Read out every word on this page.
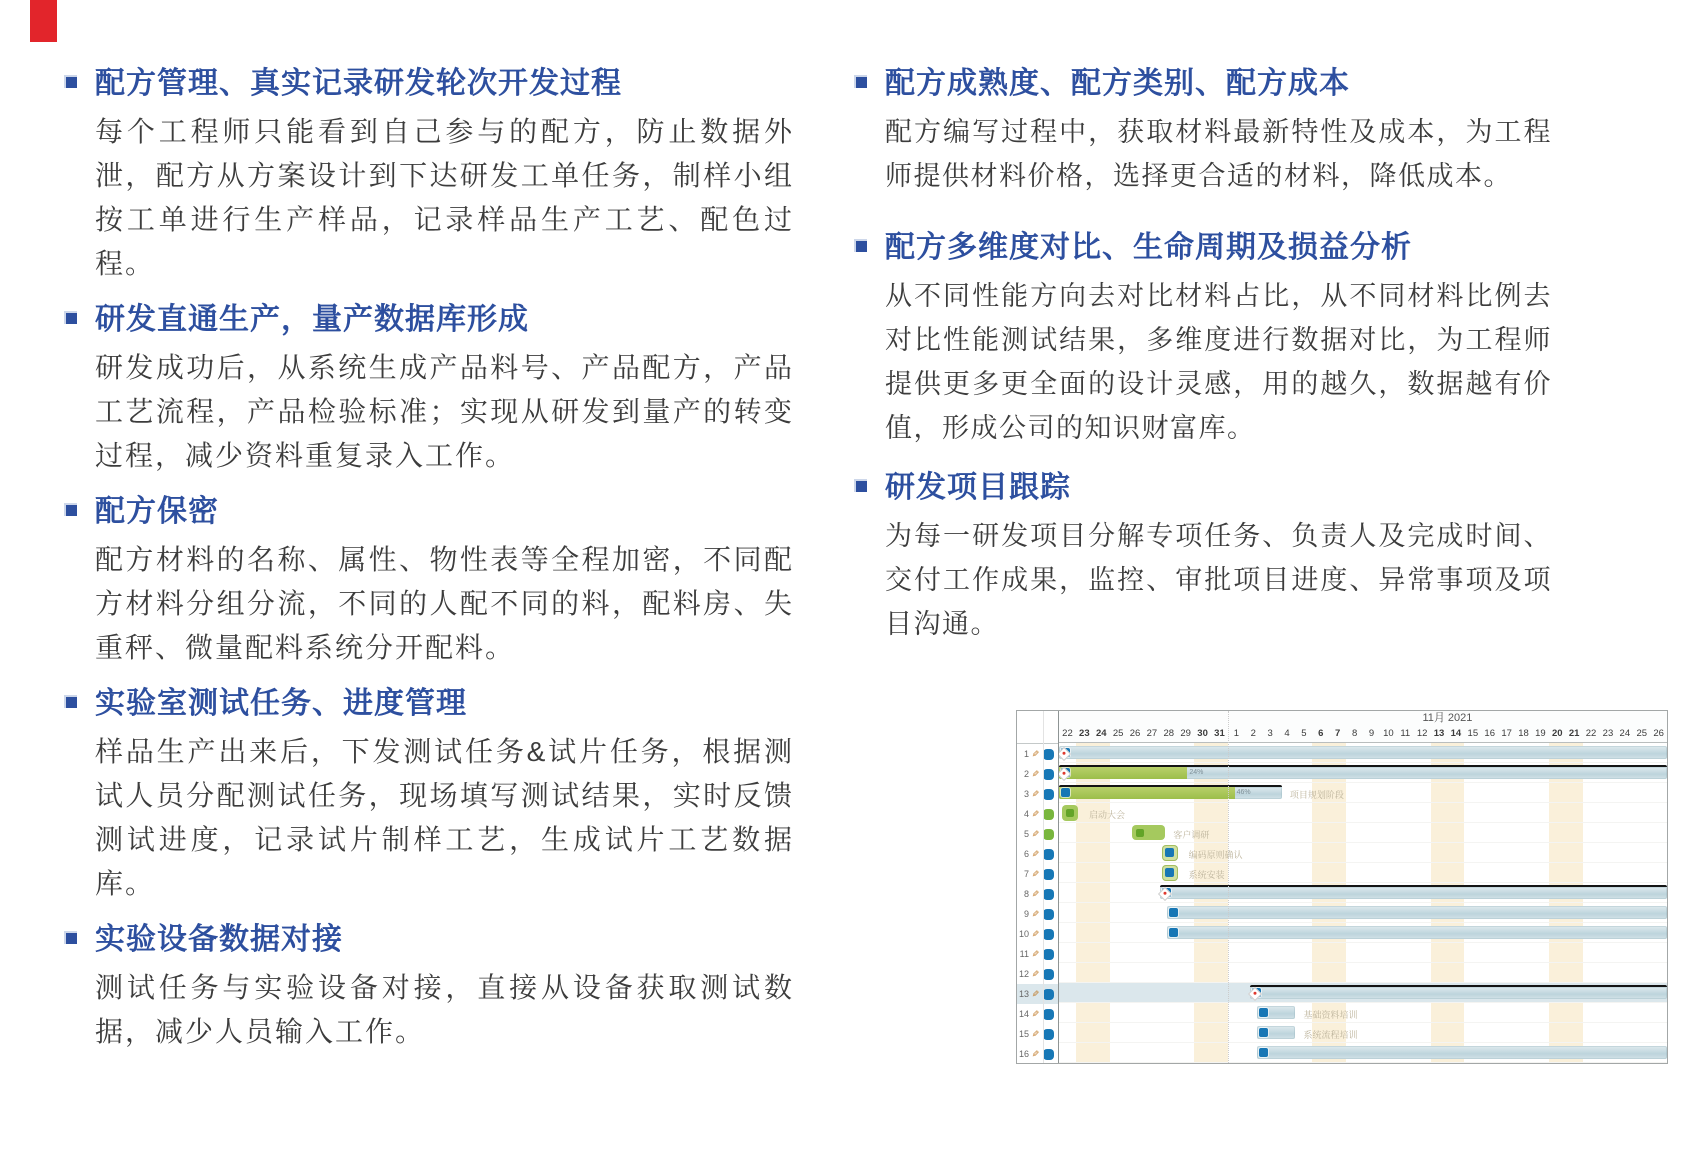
配方管理、真实记录研发轮次开发过程

每个工程师只能看到自己参与的配方，防止数据外泄，配方从方案设计到下达研发工单任务，制样小组按工单进行生产样品，记录样品生产工艺、配色过程。

研发直通生产，量产数据库形成

研发成功后，从系统生成产品料号、产品配方，产品工艺流程，产品检验标准；实现从研发到量产的转变过程，减少资料重复录入工作。

配方保密

配方材料的名称、属性、物性表等全程加密，不同配方材料分组分流，不同的人配不同的料，配料房、失重秤、微量配料系统分开配料。

实验室测试任务、进度管理

样品生产出来后，下发测试任务&试片任务，根据测试人员分配测试任务，现场填写测试结果，实时反馈测试进度，记录试片制样工艺，生成试片工艺数据库。

实验设备数据对接

测试任务与实验设备对接，直接从设备获取测试数据，减少人员输入工作。

配方成熟度、配方类别、配方成本

配方编写过程中，获取材料最新特性及成本，为工程师提供材料价格，选择更合适的材料，降低成本。

配方多维度对比、生命周期及损益分析

从不同性能方向去对比材料占比，从不同材料比例去对比性能测试结果，多维度进行数据对比，为工程师提供更多更全面的设计灵感，用的越久，数据越有价值，形成公司的知识财富库。

研发项目跟踪

为每一研发项目分解专项任务、负责人及完成时间、交付工作成果，监控、审批项目进度、异常事项及项目沟通。

1 ✎
2 ✎
3 ✎
4 ✎
5 ✎
6 ✎
7 ✎
8 ✎
9 ✎
10 ✎
11 ✎
12 ✎
13 ✎
14 ✎
15 ✎
16 ✎
11月 2021
22 23 24 25 26 27 28 29 30 31 1	2	3	4	5	6	7	8	9 10 11 12 13 14 15 16 17 18 19 20 21 22 23 24 25 26
24%
46%	项目规划阶段
启动大会
客户调研
编码原则确认
系统安装
基础资料培训
系统流程培训
